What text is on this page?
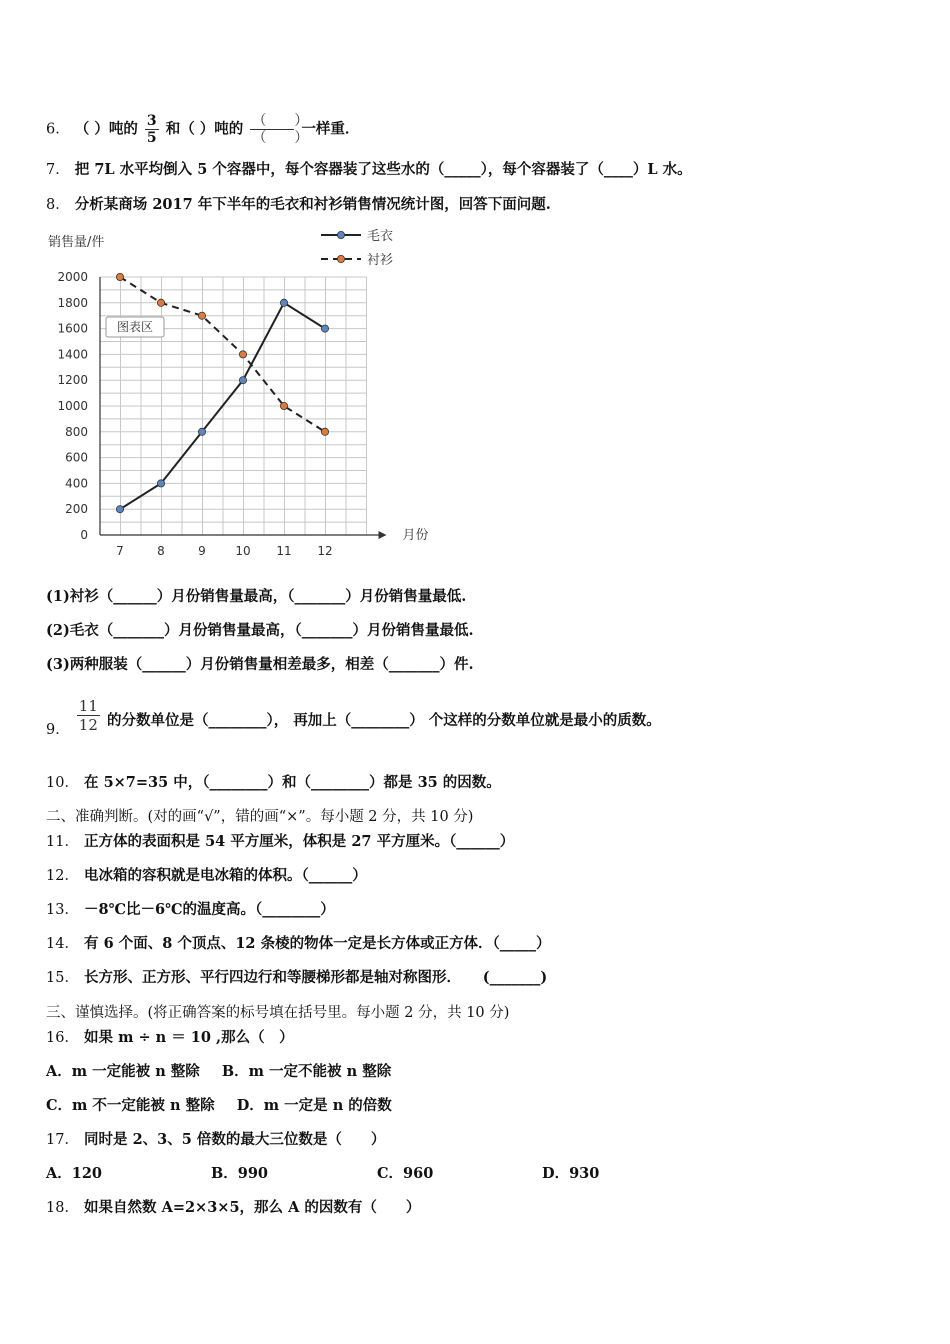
6． （ ）吨的 $\frac{3}{5}$ 和（ ）吨的 $\frac{( )}{( )}$ 一样重．
7． 把 7L 水平均倒入 5 个容器中，每个容器装了这些水的（_____），每个容器装了（____）L 水。
8． 分析某商场 2017 年下半年的毛衣和衬衫销售情况统计图，回答下面问题.
2000
1800
1600
1400
1200
1000
800
600
400
200
0
7	8	9 10 11 12
销售量/件
月份
图表区
毛衣
衬衫
(1)衬衫（______）月份销售量最高，（_______）月份销售量最低.
(2)毛衣（_______）月份销售量最高，（_______）月份销售量最低.
(3)两种服装（______）月份销售量相差最多，相差（_______）件.
9． $\frac{11}{12}$ 的分数单位是（________）， 再加上（________） 个这样的分数单位就是最小的质数。
10． 在 5×7=35 中，（________）和（________）都是 35 的因数。
二、准确判断。(对的画“√”，错的画“×”。每小题 2 分，共 10 分)
11． 正方体的表面积是 54 平方厘米，体积是 27 平方厘米。（______）
12． 电冰箱的容积就是电冰箱的体积。（______）
13． －8℃比－6℃的温度高。（________）
14． 有 6 个面、8 个顶点、12 条棱的物体一定是长方体或正方体．（_____）
15． 长方形、正方形、平行四边行和等腰梯形都是轴对称图形．　　(_______)
三、谨慎选择。(将正确答案的标号填在括号里。每小题 2 分，共 10 分)
16． 如果 m ÷ n ＝ 10 ,那么（　）
A．m 一定能被 n 整除 B．m 一定不能被 n 整除
C．m 不一定能被 n 整除 D．m 一定是 n 的倍数
17． 同时是 2、3、5 倍数的最大三位数是（　　）
A．120	B．990	C．960	D．930
18． 如果自然数 A=2×3×5，那么 A 的因数有（　　）
